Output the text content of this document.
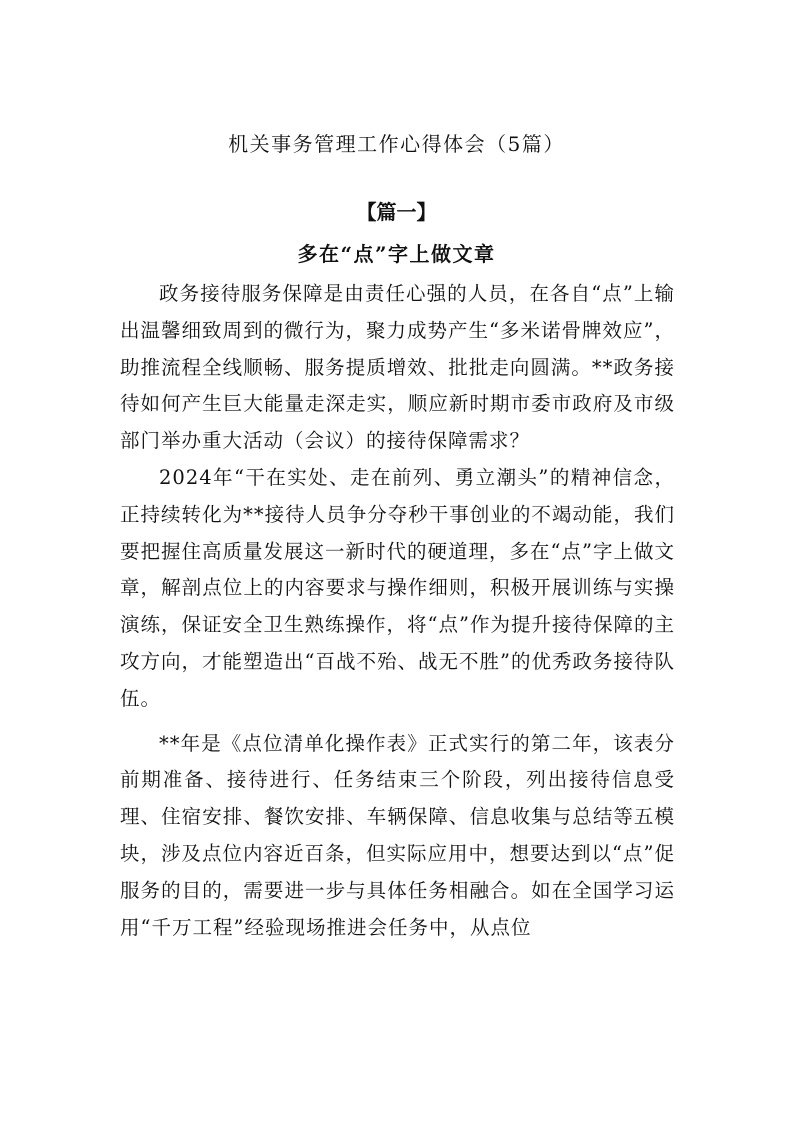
机关事务管理工作心得体会（5篇）
【篇一】
多在“点”字上做文章

政务接待服务保障是由责任心强的人员，在各自“点”上输出温馨细致周到的微行为，聚力成势产生“多米诺骨牌效应”，助推流程全线顺畅、服务提质增效、批批走向圆满。**政务接待如何产生巨大能量走深走实，顺应新时期市委市政府及市级部门举办重大活动（会议）的接待保障需求？

2024年“干在实处、走在前列、勇立潮头”的精神信念，正持续转化为**接待人员争分夺秒干事创业的不竭动能，我们要把握住高质量发展这一新时代的硬道理，多在“点”字上做文章，解剖点位上的内容要求与操作细则，积极开展训练与实操演练，保证安全卫生熟练操作，将“点”作为提升接待保障的主攻方向，才能塑造出“百战不殆、战无不胜”的优秀政务接待队伍。

**年是《点位清单化操作表》正式实行的第二年，该表分前期准备、接待进行、任务结束三个阶段，列出接待信息受理、住宿安排、餐饮安排、车辆保障、信息收集与总结等五模块，涉及点位内容近百条，但实际应用中，想要达到以“点”促服务的目的，需要进一步与具体任务相融合。如在全国学习运用“千万工程”经验现场推进会任务中，从点位
